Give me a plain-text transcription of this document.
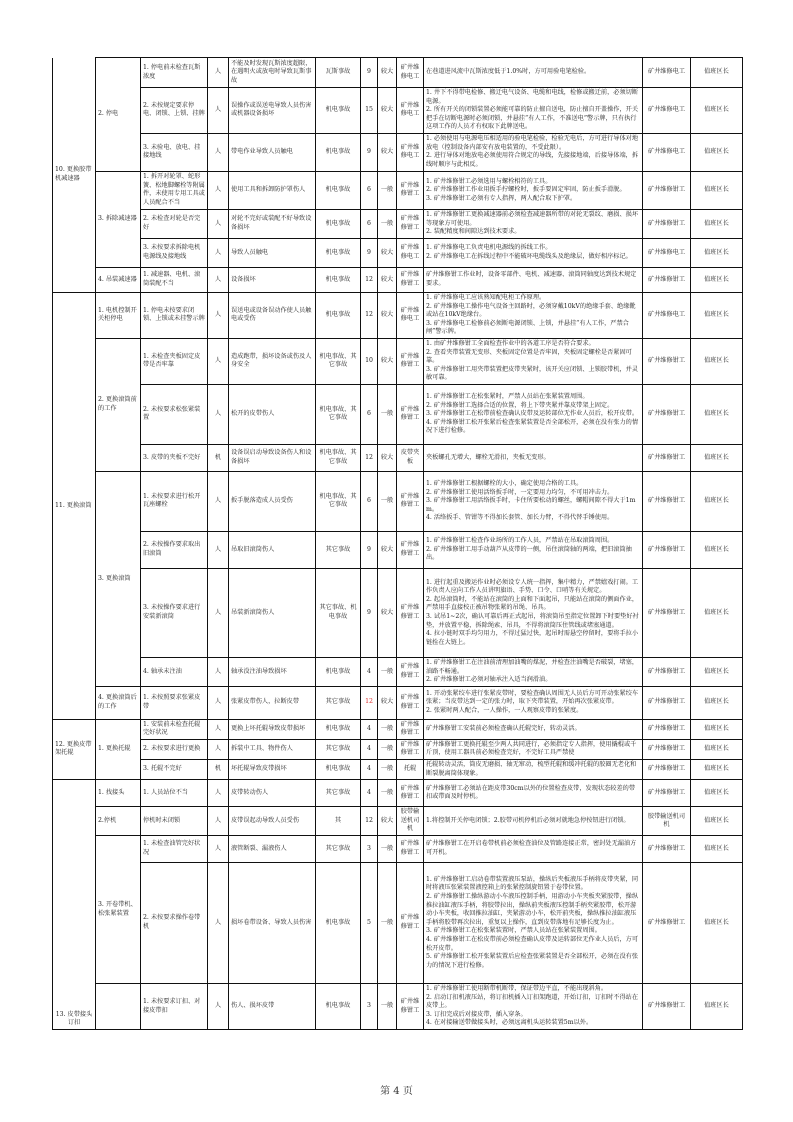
10. 更换胶带机减速器	2. 停电	1. 停电前未检查瓦斯浓度	人	不能及时发现瓦斯浓度超限，在遇明火或放电时导致瓦斯事故	瓦斯事故	9	较大	矿井维修电工	在巷道进风流中瓦斯浓度低于1.0%时，方可用验电笔检验。	矿井维修电工	值班区长
		2. 未按规定要求停电、闭锁、上锁、挂牌	人	误操作或误送电导致人员伤害或机器设备损坏	机电事故	15	较大	矿井维修电工	1. 井下不得带电检修、搬迁电气设备、电缆和电线，检修或搬迁前，必须切断电源。
2. 所有开关的闭锁装置必须能可靠的防止擅自送电，防止擅自开盖操作，开关把手在切断电源时必须闭锁，并悬挂“有人工作，不准送电”警示牌，只有执行这项工作的人员才有权取下此牌送电。	矿井维修电工	值班区长
		3. 未验电、放电、挂接地线	人	带电作业导致人员触电	机电事故	9	较大	矿井维修电工	1. 必须使用与电源电压相适用的验电笔检验，检验无电后，方可进行导体对地放电（控制设备内部安有放电装置的，不受此限）。
2. 进行导体对地放电必须使用符合规定的导线，先接接地端，后接导体端，拆线时顺序与此相反。	矿井维修电工	值班区长
	3. 拆除减速器	1. 拆开对轮罩、蛇形簧、松地脚螺栓等附属件，未使用专用工具或人员配合不当	人	使用工具和拆卸防护罩伤人	机电事故	6	一般	矿井维修钳工	1. 矿井维修钳工必须选用与螺栓相符的工具。
2. 矿井维修钳工作业用扳手拧螺栓时，扳手要固定牢固，防止扳手滑脱。
3. 矿井维修钳工必须有专人指挥，两人配合取下护罩。	矿井维修钳工	值班区长
		2. 未检查对轮是否完好	人	对轮不完好或装配不好导致设备损坏	机电事故	6	一般	矿井维修钳工	1. 矿井维修钳工更换减速器前必须检查减速器所带的对轮无裂纹、磨损、损坏等现象方可使用。
2. 装配精度和间隙达到技术要求。	矿井维修钳工	值班区长
		3. 未按要求拆除电机电源线及接地线	人	导致人员触电	机电事故	9	较大	矿井维修电工	1. 矿井维修电工负责电机电源线的拆线工作。
2. 矿井维修电工在拆线过程中不能破坏电缆线头及绝缘层，做好相序标记。	矿井维修电工	值班区长
	4. 吊装减速器	1. 减速器、电机、滚筒装配不当	人	设备损坏	机电事故	12	较大	矿井维修钳工	矿井维修钳工作业时，设备零部件、电机、减速器、滚筒同轴度达到技术规定要求。	矿井维修钳工	值班区长
11. 更换滚筒	1. 电机控制开关柜停电	1. 停电未按要求闭锁、上锁或未挂警示牌	人	误送电或设备误动作使人员触电或受伤	机电事故	12	较大	矿井维修电工	1. 矿井维修电工应该熟知配电柜工作原理。
2. 矿井维修电工操作电气设备主回路时，必须穿戴10kV的绝缘手套、绝缘靴或站在10kV绝缘台。
3. 矿井维修电工检修前必须断电源闭锁、上锁，并悬挂“有人工作，严禁合闸”警示牌。	矿井维修电工	值班区长
	2. 更换滚筒前的工作	1. 未检查夹板固定皮带是否牢靠	人	造成跑带，损坏设备或伤及人身安全	机电事故、其它事故	10	较大	矿井维修钳工	1. 由矿井维修钳工全面检查作业中的各道工序是否符合要求。
2. 查看夹带装置无变形、夹板固定位置是否牢固，夹板固定螺栓是否紧固可靠。
3. 矿井维修钳工用夹带装置把皮带夹紧时，该开关应闭锁、上锁胶带机，并灵敏可靠。	矿井维修钳工	值班区长
		2. 未按要求松张紧装置	人	松开的皮带伤人	机电事故、其它事故	6	一般	矿井维修钳工	1. 矿井维修钳工在松张紧时，严禁人员站在张紧装置周围。
2. 矿井维修钳工选择合适的位置，将上下带夹紧并靠皮带架上固定。
3. 矿井维修钳工在松带前检查确认皮带及运转部位无作业人员后，松开皮带。
4. 矿井维修钳工松开张紧后检查张紧装置是否全部松开，必须在没有张力的情况下进行检修。	矿井维修钳工	值班区长
		3. 皮带的夹板不完好	机	设备误启动导致设备伤人和设备损坏	机电事故、其它事故	12	较大	皮带夹板	夹板螺孔无增大，螺栓无滑扣，夹板无变形。	矿井维修钳工	值班区长
	3. 更换滚筒	1. 未按要求进行松开瓦座螺栓	人	扳手脱落造成人员受伤	机电事故、其它事故	6	一般	矿井维修钳工	1. 矿井维修钳工根据螺栓的大小，确定使用合格的工具。
2. 矿井维修钳工使用活络扳手时，一定要用力均匀，不可用冲击力。
3. 矿井维修钳工用活络扳手时，卡住所要松动的螺丝，螺帽间隙不得大于1mm。
4. 活络扳手、管钳等不得加长套管、加长力臂，不得代替手锤使用。	矿井维修钳工	值班区长
		2. 未按操作要求取出旧滚筒	人	吊取旧滚筒伤人	其它事故	9	较大	矿井维修钳工	1. 矿井维修钳工检查作业场所的工作人员，严禁站在吊取滚筒周围。
2. 矿井维修钳工用手动葫芦从皮带的一侧，吊住滚筒轴的两端，把旧滚筒抽出。	矿井维修钳工	值班区长
		3. 未按操作要求进行安装新滚筒	人	吊装新滚筒伤人	其它事故、机电事故	9	较大	矿井维修钳工	1. 进行起重及搬运作业时必须设专人统一指挥，集中精力，严禁嬉戏打闹。工作负责人应向工作人员讲明旗语、手势、口令、口哨等有关规定。
2. 起吊滚筒时，不能站在滚筒的上面和下面起吊，只能站在滚筒的侧面作业，严禁用手直接校正被吊物张紧的吊绳、吊具。
3. 试吊1~2次，确认可靠后再正式起吊，将滚筒吊至指定位置卸下时要垫好衬垫，并放置平稳，拆除绳索、吊具，不得将滚筒压住管线或堵塞通道。
4. 拉小链时双手均匀用力，不得过猛过快，起吊时需悬空停留时，要将手拉小链拴在大链上。	矿井维修钳工	值班区长
		4. 轴承未注油	人	轴承没注油导致损坏	机电事故	4	一般	矿井维修钳工	1. 矿井维修钳工在注油前清理加油嘴的煤泥，并检查注油嘴是否破裂，堵塞，油路不畅通。
2. 矿井维修钳工必须对轴承注入适当润滑油。	矿井维修钳工	值班区长
	4. 更换滚筒后的工作	1. 未按照要求张紧皮带	人	张紧皮带伤人，拉断皮带	其它事故	12	较大	矿井维修钳工	1. 开动张紧绞车进行张紧皮带时，要检查确认周围无人员后方可开动张紧绞车张紧；当皮带达到一定的张力时，取下夹带装置，开始再次张紧皮带。
2. 张紧时两人配合，一人操作，一人观察皮带的张紧度。	矿井维修钳工	值班区长
12. 更换皮带架托辊	1. 更换托辊	1. 安装前未检查托辊完好状况	人	更换上坏托辊导致皮带损坏	机电事故	4	一般	矿井维修钳工	矿井维修钳工安装前必须检查确认托辊完好，转动灵活。	矿井维修钳工	值班区长
		2. 未按要求进行更换	人	拆装中工具、物件伤人	其它事故	4	一般	矿井维修钳工	矿井维修钳工更换托辊至少两人共同进行，必须指定专人指挥，使用撬棍或千斤顶，使用工器具前必须检查完好，不完好工具严禁使	矿井维修钳工	值班区长
		3. 托辊不完好	机	坏托辊导致皮带损坏	机电事故	4	一般	托辊	托辊转动灵活，筒皮无磨损、轴无窜动，梳型托辊和缓冲托辊的胶圈无老化和断裂脱离筒体现象。	矿井维修钳工	值班区长
13. 皮带接头订扣	1. 找接头	1. 人员站位不当	人	皮带转动伤人	其它事故	4	一般	矿井维修钳工	矿井维修钳工必须站在距皮带30cm以外的位置检查皮带，发现状态较差的带扣或带面及时停机。	矿井维修钳工	值班区长
	2.停机	停机时未闭锁	人	皮带误起动导致人员受伤	其	12	较大	胶带输送机司机	1.将控制开关停电闭锁；2.胶带司机停机后必须对就地急停按钮进行闭锁。	胶带输送机司机	值班区长
	3. 开卷带机、松张紧装置	1. 未检查油管完好状况	人	液管断裂、漏液伤人	其它事故	3	一般	矿井维修钳工	矿井维修钳工在开启卷带机前必须检查油位及管路连接正常，密封处无漏油方可开机。	矿井维修钳工	值班区长
		2. 未按要求操作卷带机	人	损坏卷带设备、导致人员伤害	机电事故	5	一般	矿井维修钳工	1. 矿井维修钳工启动卷带装置液压泵站，操纵后夹板液压手柄将皮带夹紧，同时将液压张紧装置液控箱上的张紧控制旋钮置于卷带位置。
2. 矿井维修钳工操纵游动小车液压控制手柄，用游动小车夹板夹紧胶带，操纵推拉油缸液压手柄，将胶带拉出，操纵前夹板液压控制手柄夹紧胶带，松开游动小车夹板，收回推拉油缸，夹紧游动小车，松开前夹板，操纵推拉油缸液压手柄将胶带再次拉出，重复以上操作，直到皮带落地有足够长度为止。
3. 矿井维修钳工在松张紧装置时，严禁人员站在张紧装置周围。
4. 矿井维修钳工在松皮带前必须检查确认皮带及运转部位无作业人员后，方可松开皮带。
5. 矿井维修钳工松开张紧装置后应检查张紧装置是否全部松开，必须在没有张力的情况下进行检修。	矿井维修钳工	值班区长
		1. 未按要求订扣、对接皮带扣	人	伤人、损坏皮带	机电事故	3	一般	矿井维修钳工	1. 矿井维修钳工使用断带机断带，保证带边平直，不能出现斜角。
2. 启动订扣机液压站，将订扣机插入订扣架跑道，开始订扣，订扣时不得站在皮带上。
3. 订扣完成后对接皮带，插入穿条。
4. 在对接输送带做接头时，必须远离机头运转装置5m以外。	矿井维修钳工	值班区长
第 4 页
